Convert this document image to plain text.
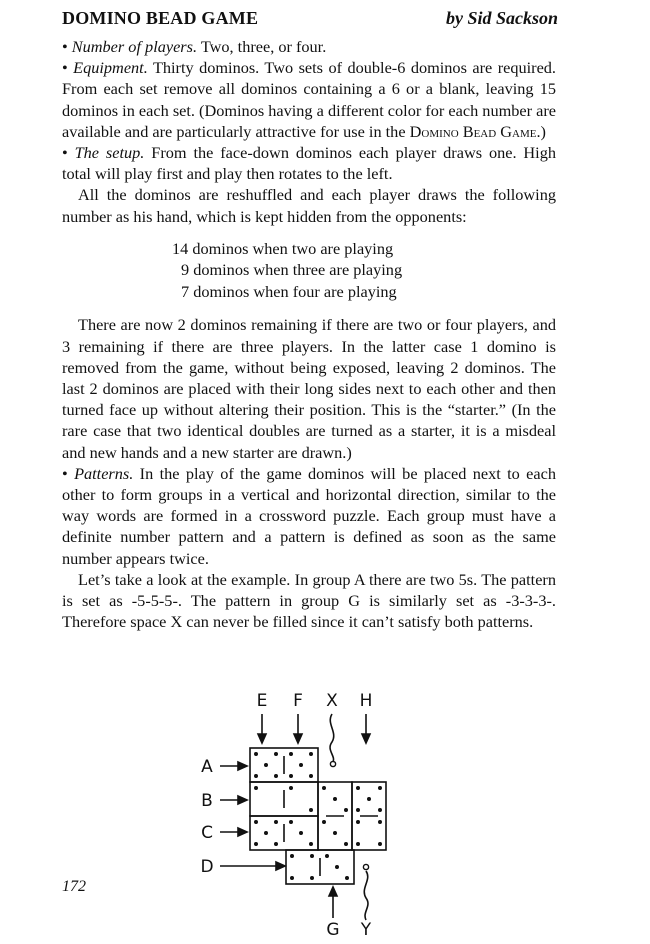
DOMINO BEAD GAME	by Sid Sackson

• Number of players. Two, three, or four.

• Equipment. Thirty dominos. Two sets of double-6 dominos are required. From each set remove all dominos containing a 6 or a blank, leaving 15 dominos in each set. (Dominos having a different color for each number are available and are particularly attractive for use in the Domino Bead Game.)

• The setup. From the face-down dominos each player draws one. High total will play first and play then rotates to the left.

All the dominos are reshuffled and each player draws the following number as his hand, which is kept hidden from the opponents:

14 dominos when two are playing
9 dominos when three are playing
7 dominos when four are playing

There are now 2 dominos remaining if there are two or four players, and 3 remaining if there are three players. In the latter case 1 domino is removed from the game, without being exposed, leaving 2 dominos. The last 2 dominos are placed with their long sides next to each other and then turned face up without altering their position. This is the “starter.” (In the rare case that two identical doubles are turned as a starter, it is a misdeal and new hands and a new starter are drawn.)

• Patterns. In the play of the game dominos will be placed next to each other to form groups in a vertical and horizontal direction, similar to the way words are formed in a crossword puzzle. Each group must have a definite number pattern and a pattern is defined as soon as the same number appears twice.

Let’s take a look at the example. In group A there are two 5s. The pattern is set as -5-5-5-. The pattern in group G is similarly set as -3-3-3-. Therefore space X can never be filled since it can’t satisfy both patterns.

E F X H
A
B
C
D
G Y
172
